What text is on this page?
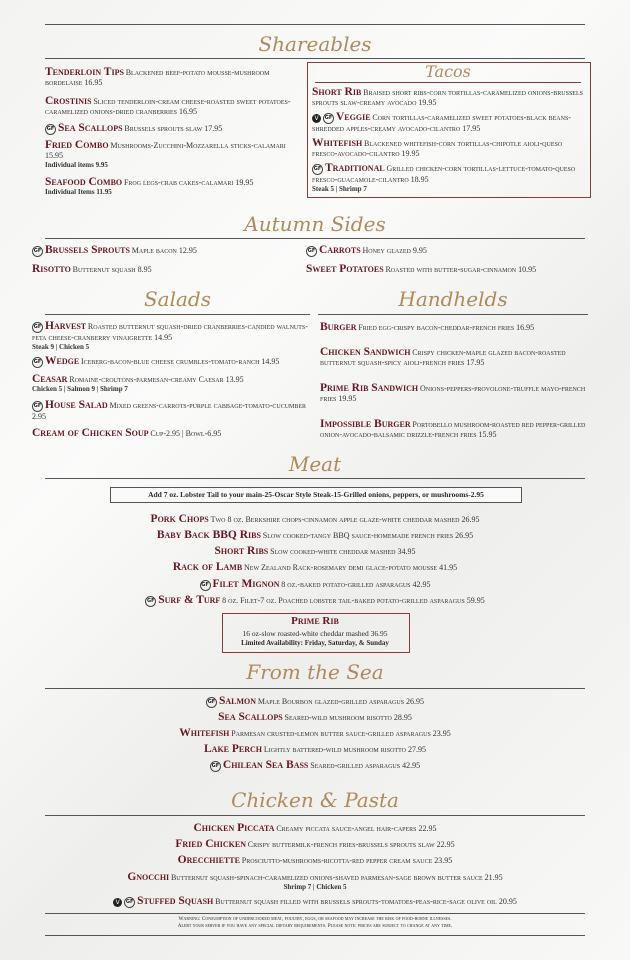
Shareables
Tenderloin Tips Blackened beef-potato mousse-mushroom bordelaise 16.95
Crostinis Sliced tenderloin-cream cheese-roasted sweet potatoes-caramelized onions-dried cranberries 16.95
GF Sea Scallops Brussels sprouts slaw 17.95
Fried Combo Mushrooms-Zucchini-Mozzarella sticks-calamari 15.95
Individual items 9.95
Seafood Combo Frog legs-crab cakes-calamari 19.95
Individual Items 11.95
Tacos
Short Rib Braised short ribs-corn tortillas-caramelized onions-brussels sprouts slaw-creamy avocado 19.95
V GF Veggie Corn tortillas-caramelized sweet potatoes-black beans-shredded apples-creamy avocado-cilantro 17.95
Whitefish Blackened whitefish-corn tortillas-chipotle aioli-queso fresco-avocado-cilantro 19.95
GF Traditional Grilled chicken-corn tortillas-lettuce-tomato-queso fresco-guacamole-cilantro 18.95
Steak 5 | Shrimp 7
Autumn Sides
GF Brussels Sprouts Maple bacon 12.95
Risotto Butternut squash 8.95
GF Carrots Honey glazed 9.95
Sweet Potatoes Roasted with butter-sugar-cinnamon 10.95
Salads	Handhelds
GF Harvest Roasted butternut squash-dried cranberries-candied walnuts-feta cheese-cranberry vinaigrette 14.95
Steak 9 | Chicken 5
GF Wedge Iceberg-bacon-blue cheese crumbles-tomato-ranch 14.95
Ceasar Romaine-croutons-parmesan-creamy Caesar 13.95
Chicken 5 | Salmon 9 | Shrimp 7
GF House Salad Mixed greens-carrots-purple cabbage-tomato-cucumber 2.95
Cream of Chicken Soup Cup-2.95 | Bowl-6.95
Burger Fried egg-crispy bacon-cheddar-french fries 16.95
Chicken Sandwich Crispy chicken-maple glazed bacon-roasted butternut squash-spicy aioli-french fries 17.95
Prime Rib Sandwich Onions-peppers-provolone-truffle mayo-french fries 19.95
Impossible Burger Portobello mushroom-roasted red pepper-grilled onion-avocado-balsamic drizzle-french fries 15.95
Meat
Add 7 oz. Lobster Tail to your main-25-Oscar Style Steak-15-Grilled onions, peppers, or mushrooms-2.95
Pork Chops Two 8 oz. Berkshire chops-cinnamon apple glaze-white cheddar mashed 26.95
Baby Back BBQ Ribs Slow cooked-tangy BBQ sauce-homemade french fries 26.95
Short Ribs Slow cooked-white cheddar mashed 34.95
Rack of Lamb New Zealand Rack-rosemary demi glace-potato mousse 41.95
GF Filet Mignon 8 oz.-baked potato-grilled asparagus 42.95
GF Surf & Turf 8 oz. Filet-7 oz. Poached lobster tail-baked potato-grilled asparagus 59.95
Prime Rib
16 oz-slow roasted-white cheddar mashed 36.95
Limited Availability: Friday, Saturday, & Sunday
From the Sea
GF Salmon Maple Bourbon glazed-grilled asparagus 26.95
Sea Scallops Seared-wild mushroom risotto 28.95
Whitefish Parmesan crusted-lemon butter sauce-grilled asparagus 23.95
Lake Perch Lightly battered-wild mushroom risotto 27.95
GF Chilean Sea Bass Seared-grilled asparagus 42.95
Chicken & Pasta
Chicken Piccata Creamy piccata sauce-angel hair-capers 22.95
Fried Chicken Crispy buttermilk-french fries-brussels sprouts slaw 22.95
Orecchiette Prosciutto-mushrooms-ricotta-red pepper cream sauce 23.95
Gnocchi Butternut squash-spinach-caramelized onions-shaved parmesan-sage brown butter sauce 21.95
Shrimp 7 | Chicken 5
V GF Stuffed Squash Butternut squash filled with brussels sprouts-tomatoes-peas-rice-sage olive oil 20.95
Warning: Consumption of undercooked meat, poultry, eggs, or seafood may increase the risk of food-borne illnesses.
Alert your server if you have any special dietary requirements. Please note: prices are subject to change at any time.
